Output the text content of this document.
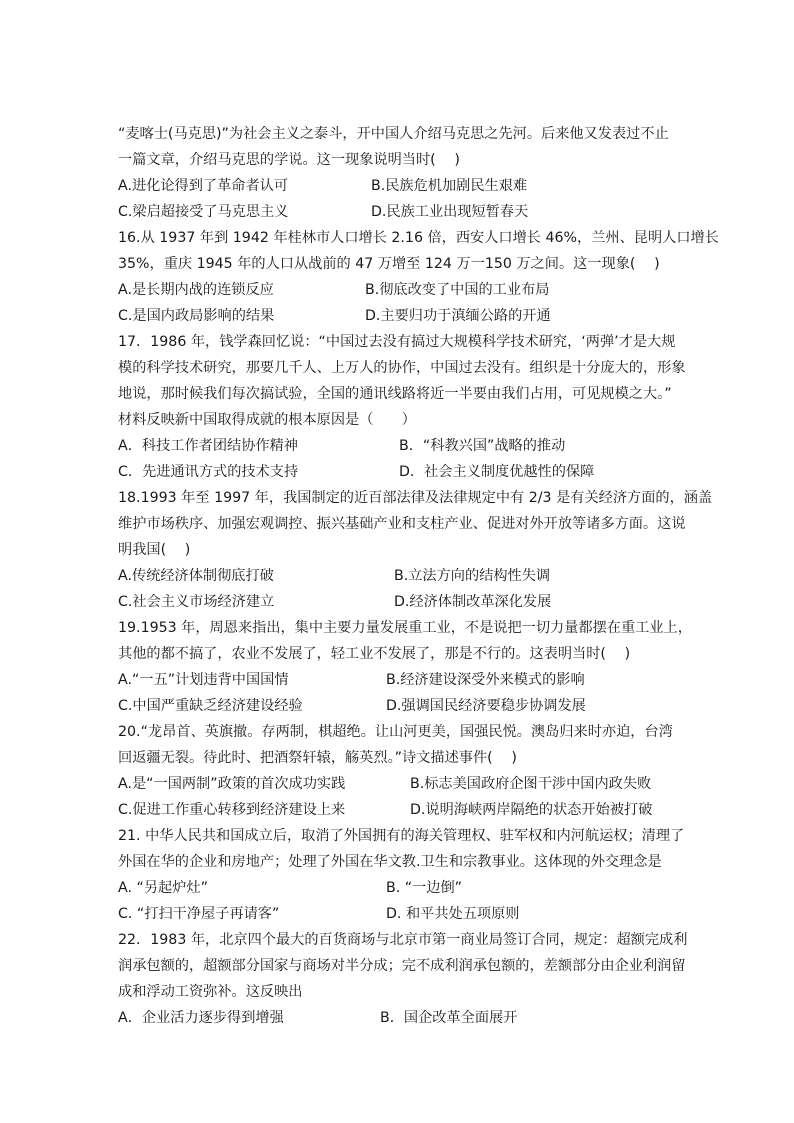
“麦喀士(马克思)”为社会主义之泰斗，开中国人介绍马克思之先河。后来他又发表过不止
一篇文章，介绍马克思的学说。这一现象说明当时(　 )
A.进化论得到了革命者认可	B.民族危机加剧民生艰难
C.梁启超接受了马克思主义	D.民族工业出现短暂春天
16.从 1937 年到 1942 年桂林市人口增长 2.16 倍，西安人口增长 46%，兰州、昆明人口增长
35%，重庆 1945 年的人口从战前的 47 万增至 124 万一150 万之间。这一现象(　 )
A.是长期内战的连锁反应	B.彻底改变了中国的工业布局
C.是国内政局影响的结果	D.主要归功于滇缅公路的开通
17．1986 年，钱学森回忆说：“中国过去没有搞过大规模科学技术研究，‘两弹’才是大规
模的科学技术研究，那要几千人、上万人的协作，中国过去没有。组织是十分庞大的，形象
地说，那时候我们每次搞试验，全国的通讯线路将近一半要由我们占用，可见规模之大。”
材料反映新中国取得成就的根本原因是（　　）
A．科技工作者团结协作精神	B．“科教兴国”战略的推动
C．先进通讯方式的技术支持	D．社会主义制度优越性的保障
18.1993 年至 1997 年，我国制定的近百部法律及法律规定中有 2/3 是有关经济方面的，涵盖
维护市场秩序、加强宏观调控、振兴基础产业和支柱产业、促进对外开放等诸多方面。这说
明我国(　 )
A.传统经济体制彻底打破	B.立法方向的结构性失调
C.社会主义市场经济建立	D.经济体制改革深化发展
19.1953 年，周恩来指出，集中主要力量发展重工业，不是说把一切力量都摆在重工业上，
其他的都不搞了，农业不发展了，轻工业不发展了，那是不行的。这表明当时(　 )
A.“一五”计划违背中国国情	B.经济建设深受外来模式的影响
C.中国严重缺乏经济建设经验	D.强调国民经济要稳步协调发展
20.“龙昂首、英旗撤。存两制，棋超绝。让山河更美，国强民悦。澳岛归来时亦迫，台湾
回返疆无裂。待此时、把酒祭轩辕，觞英烈。”诗文描述事件(　 )
A.是“一国两制”政策的首次成功实践	B.标志美国政府企图干涉中国内政失败
C.促进工作重心转移到经济建设上来	D.说明海峡两岸隔绝的状态开始被打破
21. 中华人民共和国成立后，取消了外国拥有的海关管理权、驻军权和内河航运权；清理了
外国在华的企业和房地产；处理了外国在华文教.卫生和宗教事业。这体现的外交理念是
A. “另起炉灶”	B. “一边倒”
C. “打扫干净屋子再请客”	D. 和平共处五项原则
22．1983 年，北京四个最大的百货商场与北京市第一商业局签订合同，规定：超额完成利
润承包额的，超额部分国家与商场对半分成；完不成利润承包额的，差额部分由企业利润留
成和浮动工资弥补。这反映出
A．企业活力逐步得到增强	B．国企改革全面展开
